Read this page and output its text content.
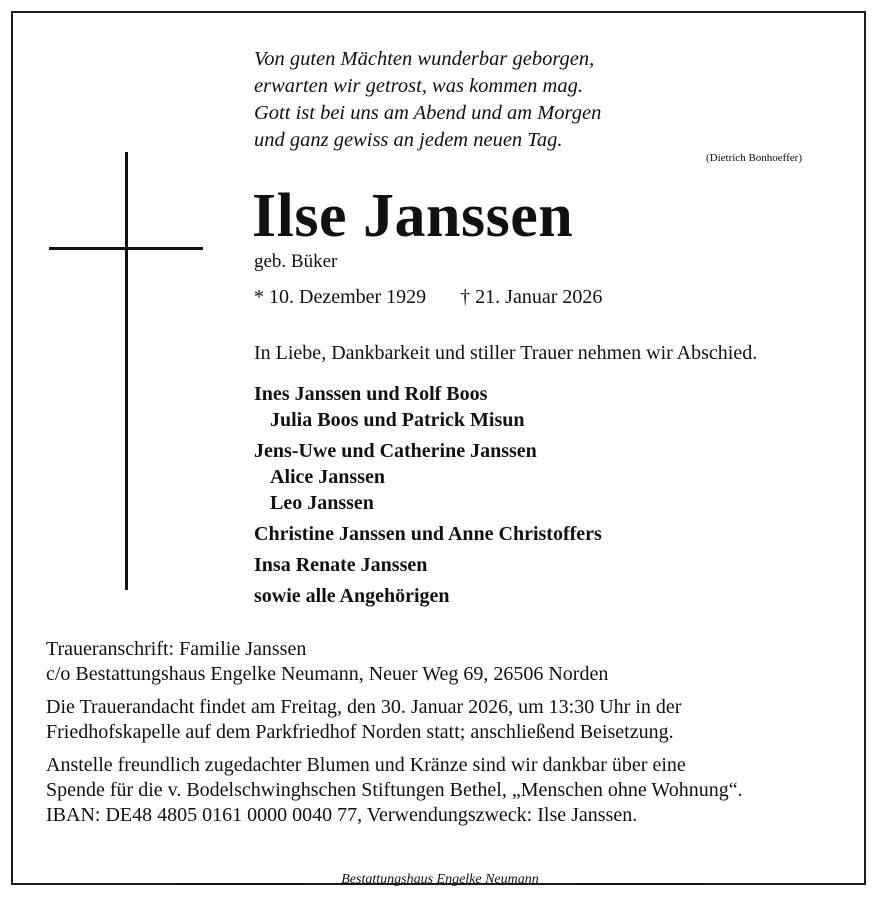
Von guten Mächten wunderbar geborgen,
erwarten wir getrost, was kommen mag.
Gott ist bei uns am Abend und am Morgen
und ganz gewiss an jedem neuen Tag.
(Dietrich Bonhoeffer)
Ilse Janssen
geb. Büker
* 10. Dezember 1929 † 21. Januar 2026
In Liebe, Dankbarkeit und stiller Trauer nehmen wir Abschied.
Ines Janssen und Rolf Boos
Julia Boos und Patrick Misun
Jens-Uwe und Catherine Janssen
Alice Janssen
Leo Janssen
Christine Janssen und Anne Christoffers
Insa Renate Janssen
sowie alle Angehörigen
Traueranschrift: Familie Janssen
c/o Bestattungshaus Engelke Neumann, Neuer Weg 69, 26506 Norden
Die Trauerandacht findet am Freitag, den 30. Januar 2026, um 13:30 Uhr in der
Friedhofskapelle auf dem Parkfriedhof Norden statt; anschließend Beisetzung.
Anstelle freundlich zugedachter Blumen und Kränze sind wir dankbar über eine
Spende für die v. Bodelschwinghschen Stiftungen Bethel, „Menschen ohne Wohnung“.
IBAN: DE48 4805 0161 0000 0040 77, Verwendungszweck: Ilse Janssen.
Bestattungshaus Engelke Neumann
